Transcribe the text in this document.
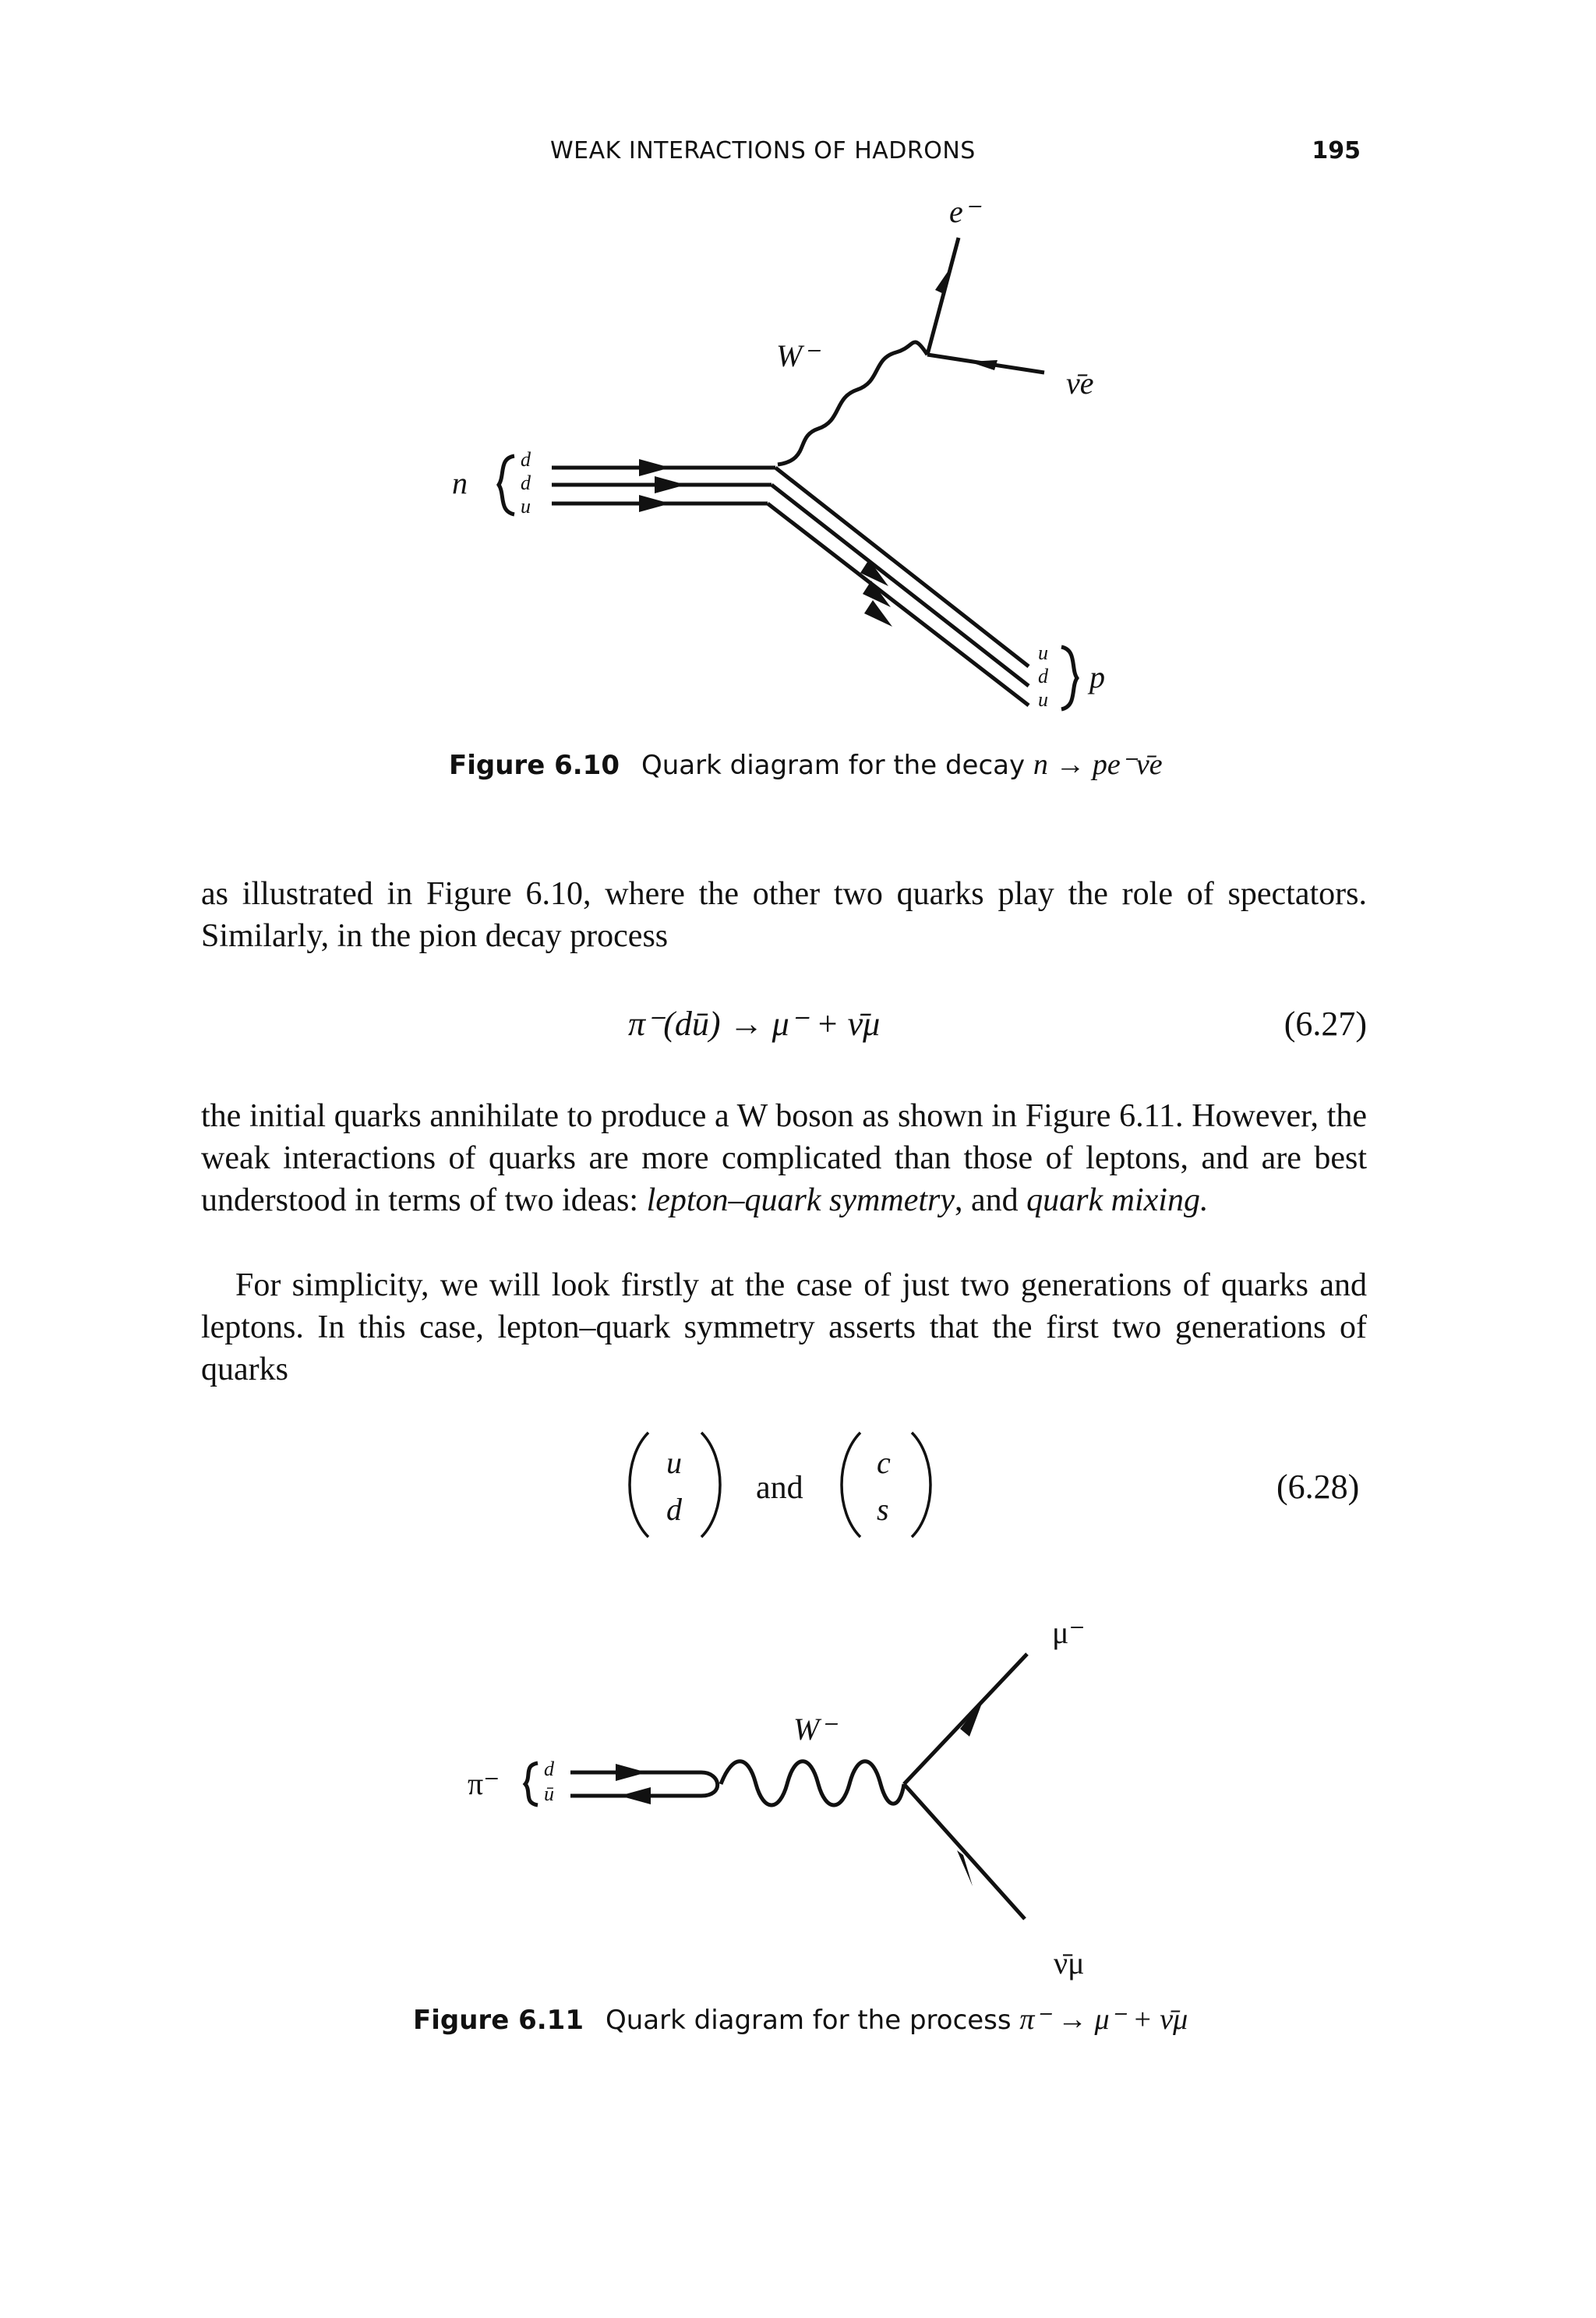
WEAK INTERACTIONS OF HADRONS	195
e⁻
W⁻
ν̄e
n
d
d
u
u
d
u
p
Figure 6.10 Quark diagram for the decay n → pe⁻ν̄e

as illustrated in Figure 6.10, where the other two quarks play the role of spectators. Similarly, in the pion decay process

π⁻(dū) → μ⁻ + ν̄μ	(6.27)

the initial quarks annihilate to produce a W boson as shown in Figure 6.11. However, the weak interactions of quarks are more complicated than those of leptons, and are best understood in terms of two ideas: lepton–quark symmetry, and quark mixing.

For simplicity, we will look firstly at the case of just two generations of quarks and leptons. In this case, lepton–quark symmetry asserts that the first two generations of quarks

u
d
and
c
s
(6.28)
μ⁻
W⁻
ν̄μ
π⁻ d
ū
Figure 6.11 Quark diagram for the process π⁻ → μ⁻ + ν̄μ
